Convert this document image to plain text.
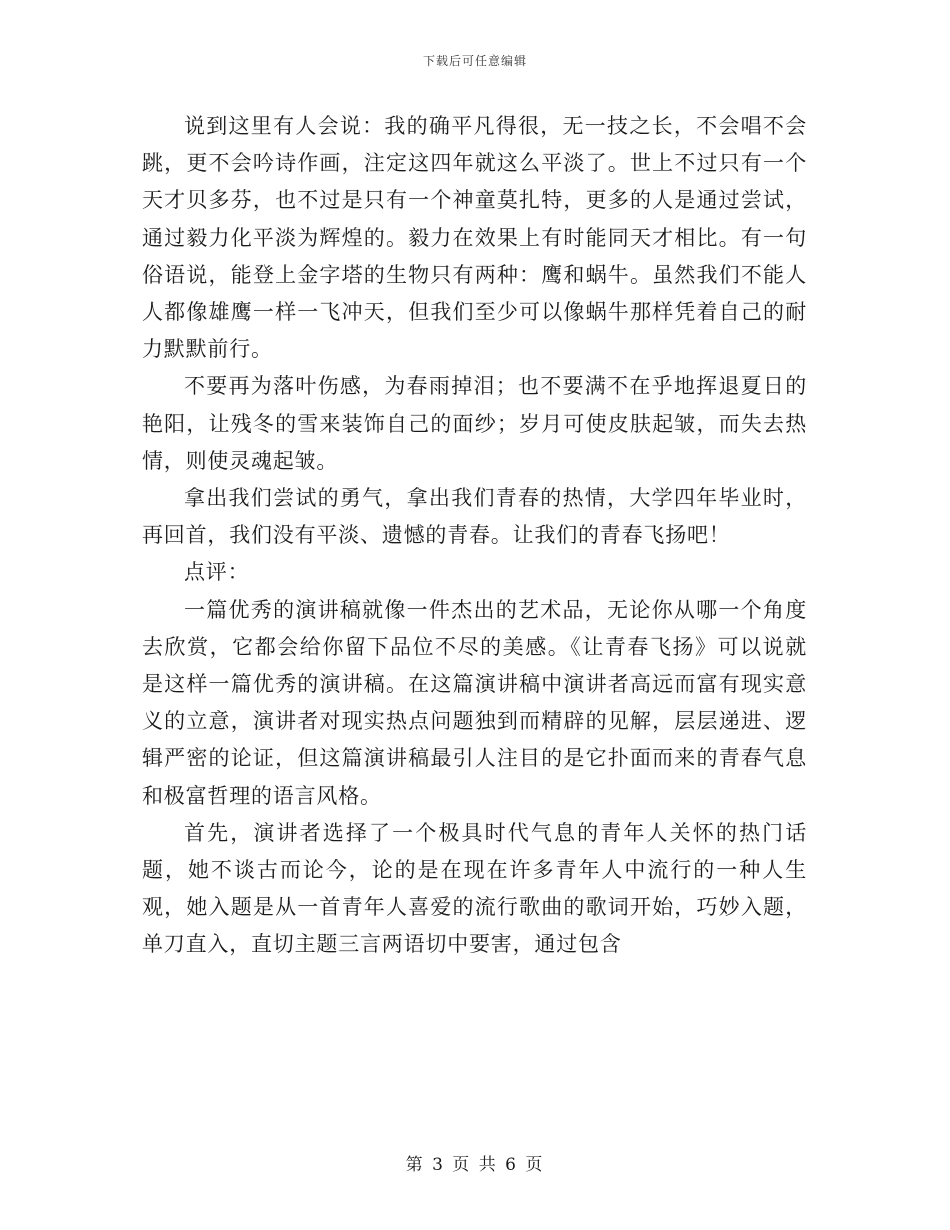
下载后可任意编辑

说到这里有人会说：我的确平凡得很，无一技之长，不会唱不会跳，更不会吟诗作画，注定这四年就这么平淡了。世上不过只有一个天才贝多芬，也不过是只有一个神童莫扎特，更多的人是通过尝试，通过毅力化平淡为辉煌的。毅力在效果上有时能同天才相比。有一句俗语说，能登上金字塔的生物只有两种：鹰和蜗牛。虽然我们不能人人都像雄鹰一样一飞冲天，但我们至少可以像蜗牛那样凭着自己的耐力默默前行。

不要再为落叶伤感，为春雨掉泪；也不要满不在乎地挥退夏日的艳阳，让残冬的雪来装饰自己的面纱；岁月可使皮肤起皱，而失去热情，则使灵魂起皱。

拿出我们尝试的勇气，拿出我们青春的热情，大学四年毕业时，再回首，我们没有平淡、遗憾的青春。让我们的青春飞扬吧！

点评：

一篇优秀的演讲稿就像一件杰出的艺术品，无论你从哪一个角度去欣赏，它都会给你留下品位不尽的美感。《让青春飞扬》可以说就是这样一篇优秀的演讲稿。在这篇演讲稿中演讲者高远而富有现实意义的立意，演讲者对现实热点问题独到而精辟的见解，层层递进、逻辑严密的论证，但这篇演讲稿最引人注目的是它扑面而来的青春气息和极富哲理的语言风格。

首先，演讲者选择了一个极具时代气息的青年人关怀的热门话题，她不谈古而论今，论的是在现在许多青年人中流行的一种人生观，她入题是从一首青年人喜爱的流行歌曲的歌词开始，巧妙入题，单刀直入，直切主题三言两语切中要害，通过包含

第 3 页 共 6 页
